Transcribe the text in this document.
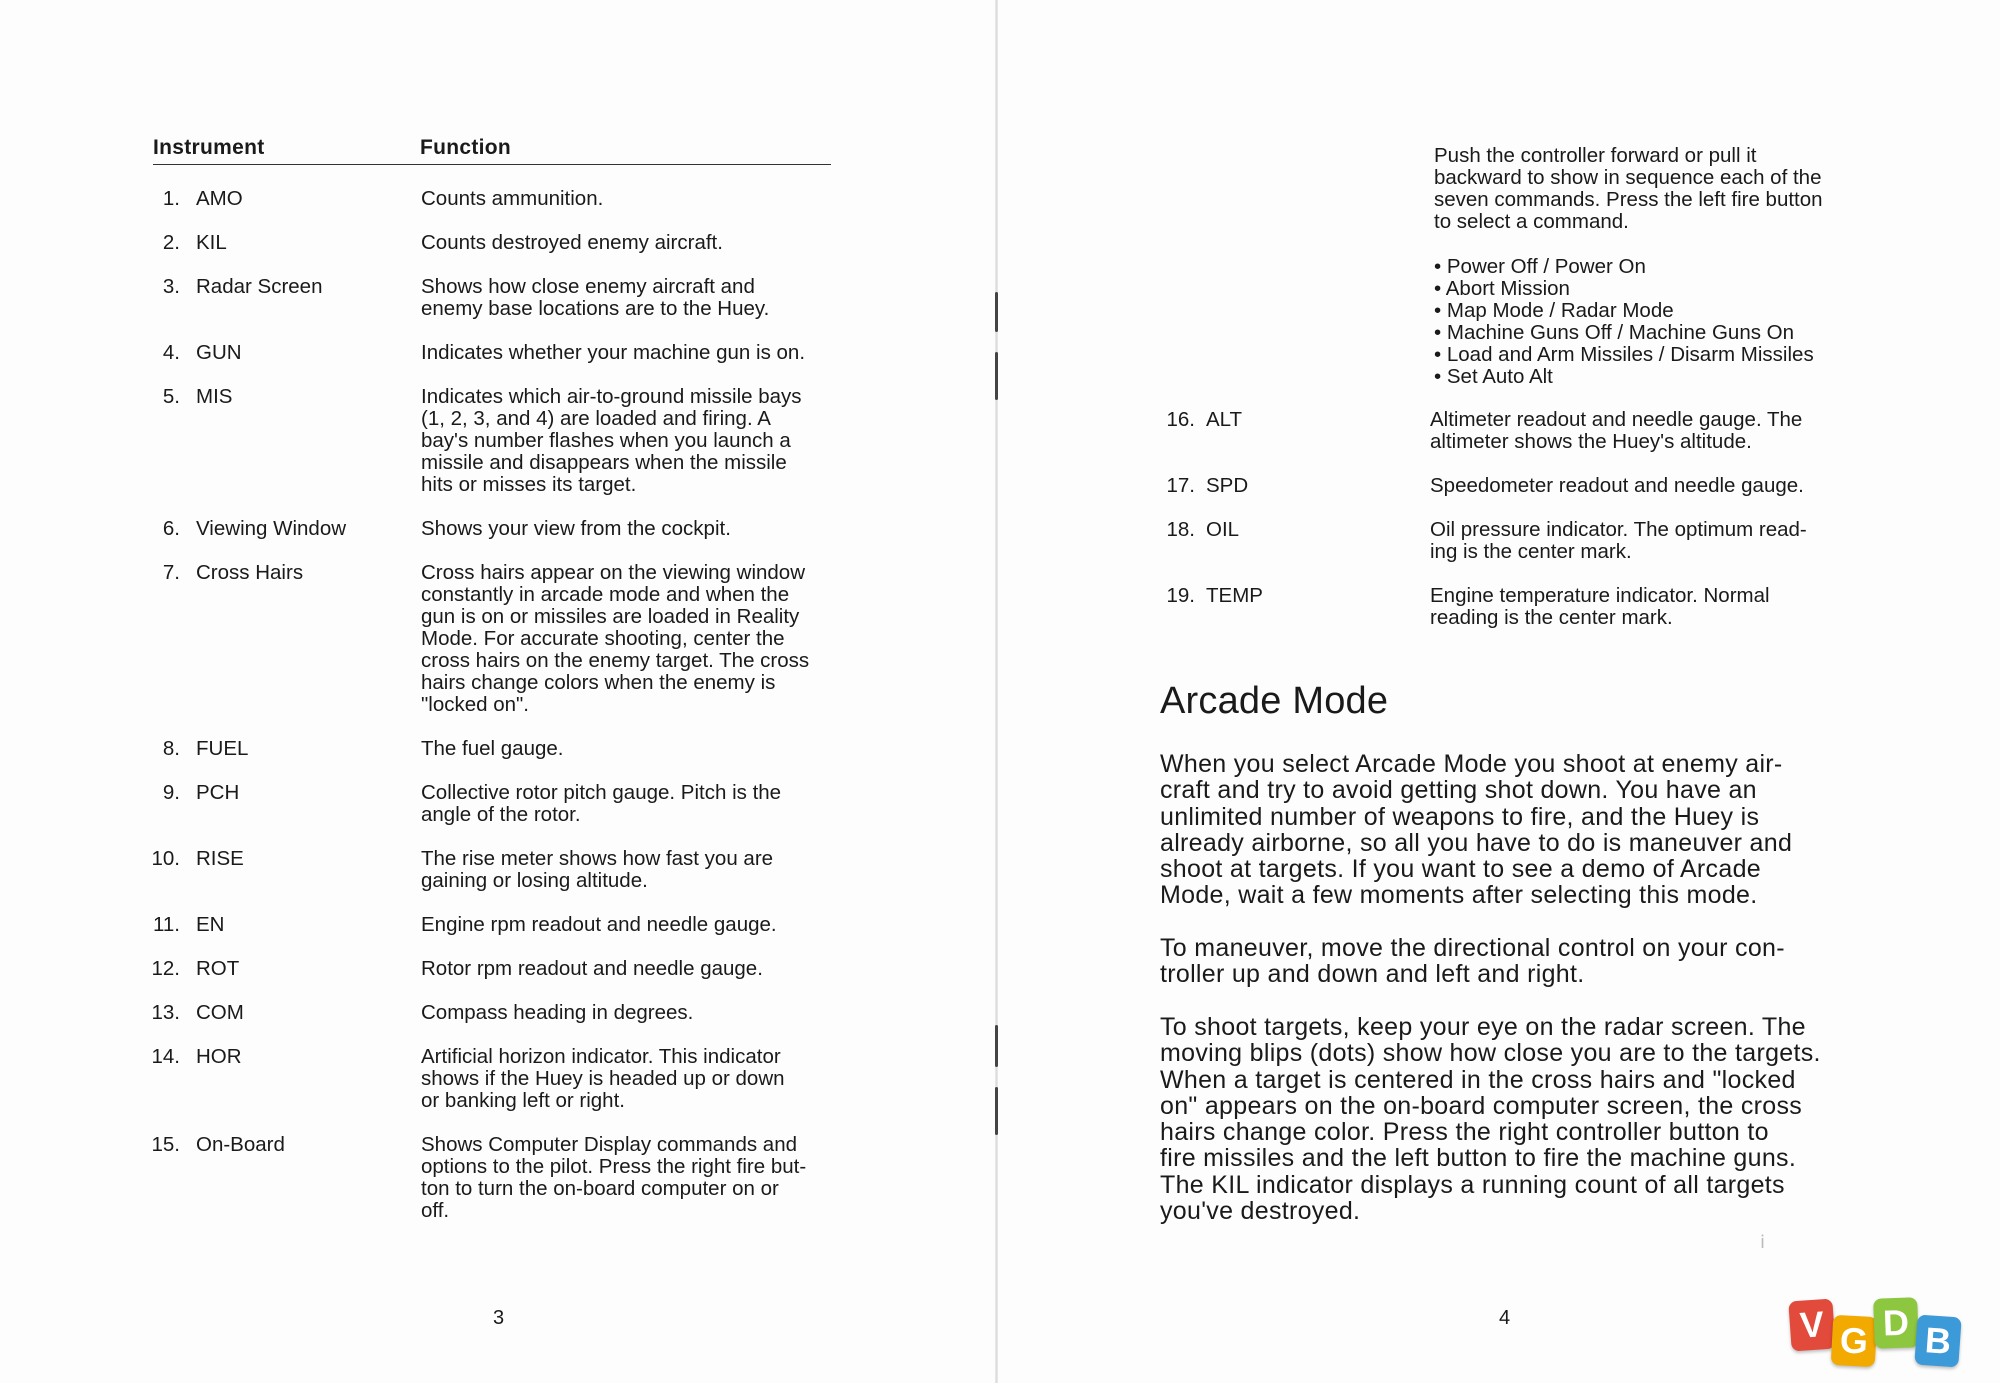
Instrument	Function
1. AMO	Counts ammunition.
2. KIL	Counts destroyed enemy aircraft.
3. Radar Screen	Shows how close enemy aircraft and
enemy base locations are to the Huey.
4. GUN	Indicates whether your machine gun is on.
5. MIS	Indicates which air-to-ground missile bays
(1, 2, 3, and 4) are loaded and firing. A
bay's number flashes when you launch a
missile and disappears when the missile
hits or misses its target.
6. Viewing Window	Shows your view from the cockpit.
7. Cross Hairs	Cross hairs appear on the viewing window
constantly in arcade mode and when the
gun is on or missiles are loaded in Reality
Mode. For accurate shooting, center the
cross hairs on the enemy target. The cross
hairs change colors when the enemy is
"locked on".
8. FUEL	The fuel gauge.
9. PCH	Collective rotor pitch gauge. Pitch is the
angle of the rotor.
10. RISE	The rise meter shows how fast you are
gaining or losing altitude.
11. EN	Engine rpm readout and needle gauge.
12. ROT	Rotor rpm readout and needle gauge.
13. COM	Compass heading in degrees.
14. HOR	Artificial horizon indicator. This indicator
shows if the Huey is headed up or down
or banking left or right.
15. On-Board	Shows Computer Display commands and
options to the pilot. Press the right fire but-
ton to turn the on-board computer on or
off.
3
Push the controller forward or pull it
backward to show in sequence each of the
seven commands. Press the left fire button
to select a command.
• Power Off / Power On
• Abort Mission
• Map Mode / Radar Mode
• Machine Guns Off / Machine Guns On
• Load and Arm Missiles / Disarm Missiles
• Set Auto Alt
16. ALT	Altimeter readout and needle gauge. The
altimeter shows the Huey's altitude.
17. SPD	Speedometer readout and needle gauge.
18. OIL	Oil pressure indicator. The optimum read-
ing is the center mark.
19. TEMP	Engine temperature indicator. Normal
reading is the center mark.
Arcade Mode
When you select Arcade Mode you shoot at enemy air-
craft and try to avoid getting shot down. You have an
unlimited number of weapons to fire, and the Huey is
already airborne, so all you have to do is maneuver and
shoot at targets. If you want to see a demo of Arcade
Mode, wait a few moments after selecting this mode.
To maneuver, move the directional control on your con-
troller up and down and left and right.
To shoot targets, keep your eye on the radar screen. The
moving blips (dots) show how close you are to the targets.
When a target is centered in the cross hairs and "locked
on" appears on the on-board computer screen, the cross
hairs change color. Press the right controller button to
fire missiles and the left button to fire the machine guns.
The KIL indicator displays a running count of all targets
you've destroyed.
4
ⅰ
V G D B
